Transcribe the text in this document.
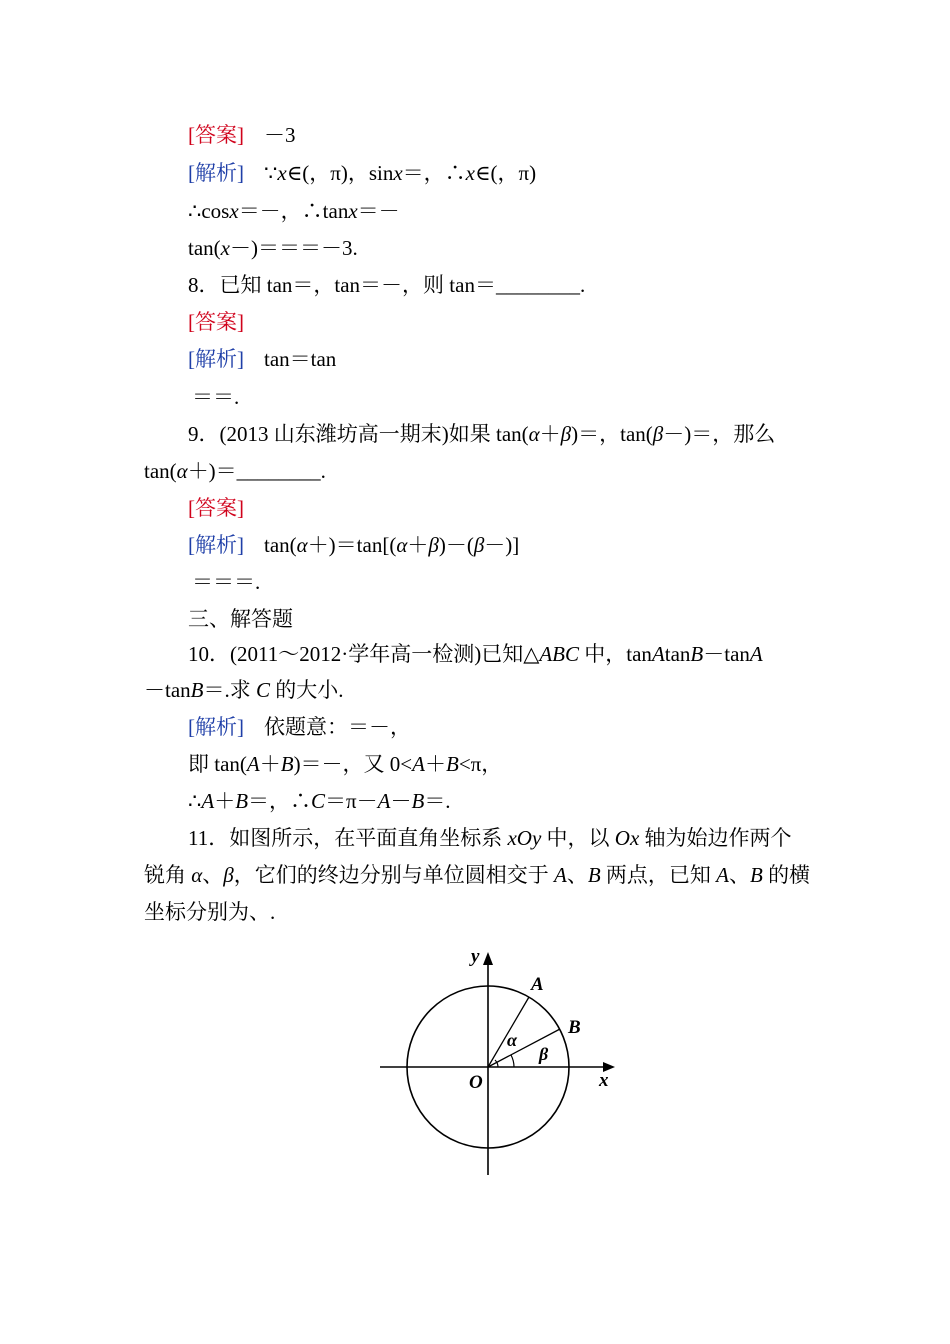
[答案] －3
[解析] ∵x∈(，π)，sinx＝，∴x∈(，π)
∴cosx＝－，∴tanx＝－
tan(x－)＝＝＝－3.
8．已知 tan＝，tan＝－，则 tan＝________.
[答案]
[解析] tan＝tan
＝＝.
9．(2013 山东潍坊高一期末)如果 tan(α＋β)＝，tan(β－)＝，那么
tan(α＋)＝________.
[答案]
[解析] tan(α＋)＝tan[(α＋β)－(β－)]
＝＝＝.
三、解答题
10．(2011～2012·学年高一检测)已知△ABC 中，tanAtanB－tanA
－tanB＝.求 C 的大小.
[解析] 依题意：＝－，
即 tan(A＋B)＝－，又 0<A＋B<π，
∴A＋B＝，∴C＝π－A－B＝.
11．如图所示，在平面直角坐标系 xOy 中，以 Ox 轴为始边作两个
锐角 α、β，它们的终边分别与单位圆相交于 A、B 两点，已知 A、B 的横
坐标分别为、.
y
x
O
A
B
α
β
